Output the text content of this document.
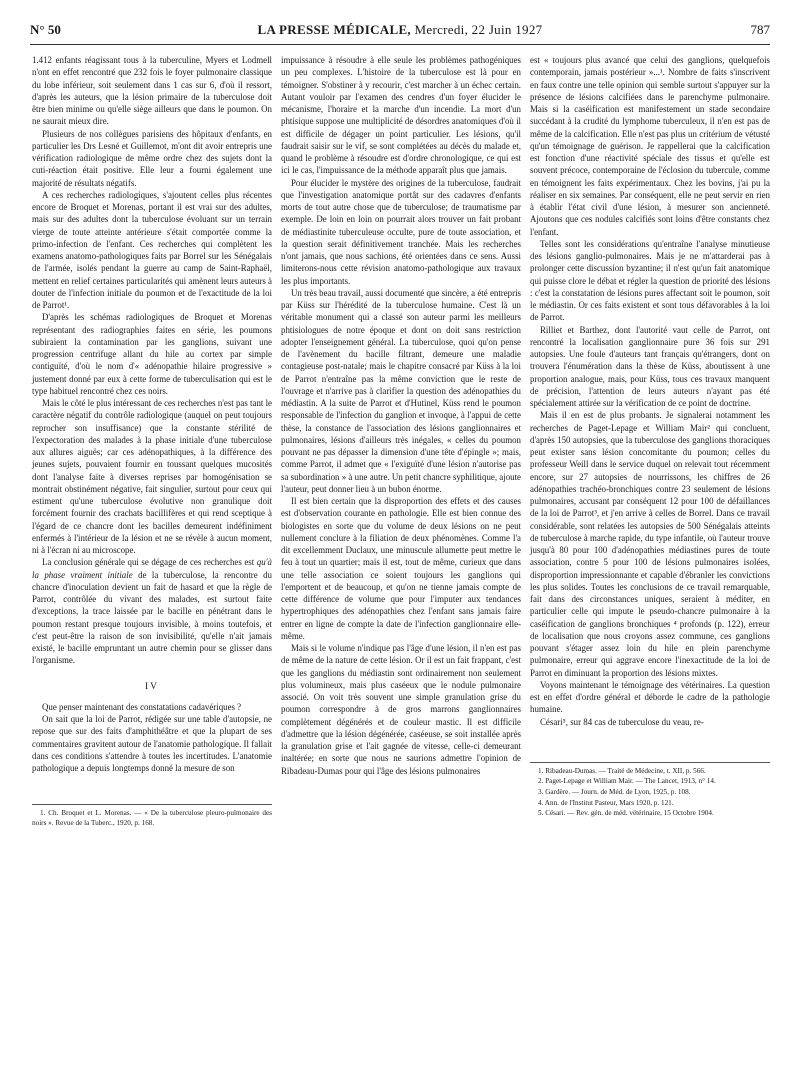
N° 50	LA PRESSE MÉDICALE, Mercredi, 22 Juin 1927	787

1.412 enfants réagissant tous à la tuberculine, Myers et Lodmell n'ont en effet rencontré que 232 fois le foyer pulmonaire classique du lobe inférieur, soit seulement dans 1 cas sur 6, d'où il ressort, d'après les auteurs, que la lésion primaire de la tuberculose doit être bien minime ou qu'elle siège ailleurs que dans le poumon. On ne saurait mieux dire.

Plusieurs de nos collègues parisiens des hôpitaux d'enfants, en particulier les Drs Lesné et Guillemot, m'ont dit avoir entrepris une vérification radiologique de même ordre chez des sujets dont la cuti-réaction était positive. Elle leur a fourni également une majorité de résultats négatifs.

A ces recherches radiologiques, s'ajoutent celles plus récentes encore de Broquet et Morenas, portant il est vrai sur des adultes, mais sur des adultes dont la tuberculose évoluant sur un terrain vierge de toute atteinte antérieure s'était comportée comme la primo-infection de l'enfant. Ces recherches qui complètent les examens anatomo-pathologiques faits par Borrel sur les Sénégalais de l'armée, isolés pendant la guerre au camp de Saint-Raphaël, mettent en relief certaines particularités qui amènent leurs auteurs à douter de l'infection initiale du poumon et de l'exactitude de la loi de Parrot¹.

D'après les schémas radiologiques de Broquet et Morenas représentant des radiographies faites en série, les poumons subiraient la contamination par les ganglions, suivant une progression centrifuge allant du hile au cortex par simple contiguïté, d'où le nom d'« adénopathie hilaire progressive » justement donné par eux à cette forme de tuberculisation qui est le type habituel rencontré chez ces noirs.

Mais le côté le plus intéressant de ces recherches n'est pas tant le caractère négatif du contrôle radiologique (auquel on peut toujours reprocher son insuffisance) que la constante stérilité de l'expectoration des malades à la phase initiale d'une tuberculose aux allures aiguës; car ces adénopathiques, à la différence des jeunes sujets, pouvaient fournir en toussant quelques mucosités dont l'analyse faite à diverses reprises par homogénisation se montrait obstinément négative, fait singulier, surtout pour ceux qui estiment qu'une tuberculose évolutive non granulique doit forcément fournir des crachats bacillifères et qui rend sceptique à l'égard de ce chancre dont les bacilles demeurent indéfiniment enfermés à l'intérieur de la lésion et ne se révèle à aucun moment, ni à l'écran ni au microscope.

La conclusion générale qui se dégage de ces recherches est qu'à la phase vraiment initiale de la tuberculose, la rencontre du chancre d'inoculation devient un fait de hasard et que la règle de Parrot, contrôlée du vivant des malades, est surtout faite d'exceptions, la trace laissée par le bacille en pénétrant dans le poumon restant presque toujours invisible, à moins toutefois, et c'est peut-être la raison de son invisibilité, qu'elle n'ait jamais existé, le bacille empruntant un autre chemin pour se glisser dans l'organisme.

IV

Que penser maintenant des constatations cadavériques ?

On sait que la loi de Parrot, rédigée sur une table d'autopsie, ne repose que sur des faits d'amphithéâtre et que la plupart de ses commentaires gravitent autour de l'anatomie pathologique. Il fallait dans ces conditions s'attendre à toutes les incertitudes. L'anatomie pathologique a depuis longtemps donné la mesure de son

1. Ch. Broquet et L. Morenas. — « De la tuberculose pleuro-pulmonaire des noirs ». Revue de la Tuberc., 1920, p. 168.

impuissance à résoudre à elle seule les problèmes pathogéniques un peu complexes. L'histoire de la tuberculose est là pour en témoigner. S'obstiner à y recourir, c'est marcher à un échec certain. Autant vouloir par l'examen des cendres d'un foyer élucider le mécanisme, l'horaire et la marche d'un incendie. La mort d'un phtisique suppose une multiplicité de désordres anatomiques d'où il est difficile de dégager un point particulier. Les lésions, qu'il faudrait saisir sur le vif, se sont complétées au décès du malade et, quand le problème à résoudre est d'ordre chronologique, ce qui est ici le cas, l'impuissance de la méthode apparaît plus que jamais.

Pour élucider le mystère des origines de la tuberculose, faudrait que l'investigation anatomique portât sur des cadavres d'enfants morts de tout autre chose que de tuberculose; de traumatisme par exemple. De loin en loin on pourrait alors trouver un fait probant de médiastinite tuberculeuse occulte, pure de toute association, et la question serait définitivement tranchée. Mais les recherches n'ont jamais, que nous sachions, été orientées dans ce sens. Aussi limiterons-nous cette révision anatomo-pathologique aux travaux les plus importants.

Un très beau travail, aussi documenté que sincère, a été entrepris par Küss sur l'hérédité de la tuberculose humaine. C'est là un véritable monument qui a classé son auteur parmi les meilleurs phtisiologues de notre époque et dont on doit sans restriction adopter l'enseignement général. La tuberculose, quoi qu'on pense de l'avènement du bacille filtrant, demeure une maladie contagieuse post-natale; mais le chapitre consacré par Küss à la loi de Parrot n'entraîne pas la même conviction que le reste de l'ouvrage et n'arrive pas à clarifier la question des adénopathies du médiastin. A la suite de Parrot et d'Hutinel, Küss rend le poumon responsable de l'infection du ganglion et invoque, à l'appui de cette thèse, la constance de l'association des lésions ganglionnaires et pulmonaires, lésions d'ailleurs très inégales, « celles du poumon pouvant ne pas dépasser la dimension d'une tête d'épingle »; mais, comme Parrot, il admet que « l'exiguïté d'une lésion n'autorise pas sa subordination » à une autre. Un petit chancre syphilitique, ajoute l'auteur, peut donner lieu à un bubon énorme.

Il est bien certain que la disproportion des effets et des causes est d'observation courante en pathologie. Elle est bien connue des biologistes en sorte que du volume de deux lésions on ne peut nullement conclure à la filiation de deux phénomènes. Comme l'a dit excellemment Duclaux, une minuscule allumette peut mettre le feu à tout un quartier; mais il est, tout de même, curieux que dans une telle association ce soient toujours les ganglions qui l'emportent et de beaucoup, et qu'on ne tienne jamais compte de cette différence de volume que pour l'imputer aux tendances hypertrophiques des adénopathies chez l'enfant sans jamais faire entrer en ligne de compte la date de l'infection ganglionnaire elle-même.

Mais si le volume n'indique pas l'âge d'une lésion, il n'en est pas de même de la nature de cette lésion. Or il est un fait frappant, c'est que les ganglions du médiastin sont ordinairement non seulement plus volumineux, mais plus caséeux que le nodule pulmonaire associé. On voit très souvent une simple granulation grise du poumon correspondre à de gros marrons ganglionnaires complètement dégénérés et de couleur mastic. Il est difficile d'admettre que la lésion dégénérée, caséeuse, se soit installée après la granulation grise et l'ait gagnée de vitesse, celle-ci demeurant inaltérée; en sorte que nous ne saurions admettre l'opinion de Ribadeau-Dumas pour qui l'âge des lésions pulmonaires

est « toujours plus avancé que celui des ganglions, quelquefois contemporain, jamais postérieur »...¹. Nombre de faits s'inscrivent en faux contre une telle opinion qui semble surtout s'appuyer sur la présence de lésions calcifiées dans le parenchyme pulmonaire. Mais si la caséification est manifestement un stade secondaire succédant à la crudité du lymphome tuberculeux, il n'en est pas de même de la calcification. Elle n'est pas plus un critérium de vétusté qu'un témoignage de guérison. Je rappellerai que la calcification est fonction d'une réactivité spéciale des tissus et qu'elle est souvent précoce, contemporaine de l'éclosion du tubercule, comme en témoignent les faits expérimentaux. Chez les bovins, j'ai pu la réaliser en six semaines. Par conséquent, elle ne peut servir en rien à établir l'état civil d'une lésion, à mesurer son ancienneté. Ajoutons que ces nodules calcifiés sont loins d'être constants chez l'enfant.

Telles sont les considérations qu'entraîne l'analyse minutieuse des lésions ganglio-pulmonaires. Mais je ne m'attarderai pas à prolonger cette discussion byzantine; il n'est qu'un fait anatomique qui puisse clore le débat et régler la question de priorité des lésions : c'est la constatation de lésions pures affectant soit le poumon, soit le médiastin. Or ces faits existent et sont tous défavorables à la loi de Parrot.

Rilliet et Barthez, dont l'autorité vaut celle de Parrot, ont rencontré la localisation ganglionnaire pure 36 fois sur 291 autopsies. Une foule d'auteurs tant français qu'étrangers, dont on trouvera l'énumération dans la thèse de Küss, aboutissent à une proportion analogue, mais, pour Küss, tous ces travaux manquent de précision, l'attention de leurs auteurs n'ayant pas été spécialement attirée sur la vérification de ce point de doctrine.

Mais il en est de plus probants. Je signalerai notamment les recherches de Paget-Lepage et William Mair² qui concluent, d'après 150 autopsies, que la tuberculose des ganglions thoraciques peut exister sans lésion concomitante du poumon; celles du professeur Weill dans le service duquel on relevait tout récemment encore, sur 27 autopsies de nourrissons, les chiffres de 26 adénopathies trachéo-bronchiques contre 23 seulement de lésions pulmonaires, accusant par conséquent 12 pour 100 de défaillances de la loi de Parrot³, et j'en arrive à celles de Borrel. Dans ce travail considérable, sont relatées les autopsies de 500 Sénégalais atteints de tuberculose à marche rapide, du type infantile, où l'auteur trouve jusqu'à 80 pour 100 d'adénopathies médiastines pures de toute association, contre 5 pour 100 de lésions pulmonaires isolées, disproportion impressionnante et capable d'ébranler les convictions les plus solides. Toutes les conclusions de ce travail remarquable, fait dans des circonstances uniques, seraient à méditer, en particulier celle qui impute le pseudo-chancre pulmonaire à la caséification de ganglions bronchiques ⁴ profonds (p. 122), erreur de localisation que nous croyons assez commune, ces ganglions pouvant s'étager assez loin du hile en plein parenchyme pulmonaire, erreur qui aggrave encore l'inexactitude de la loi de Parrot en diminuant la proportion des lésions mixtes.

Voyons maintenant le témoignage des vétérinaires. La question est en effet d'ordre général et déborde le cadre de la pathologie humaine.

Césari⁵, sur 84 cas de tuberculose du veau, re-

1. Ribadeau-Dumas. — Traité de Médecine, t. XII, p. 566.

2. Paget-Lepage et William Mair. — The Lancet, 1913, n° 14.

3. Gardère. — Journ. de Méd. de Lyon, 1925, p. 108.

4. Ann. de l'Institut Pasteur, Mars 1920, p. 121.

5. Césari. — Rev. gén. de méd. vétérinaire, 15 Octobre 1904.
